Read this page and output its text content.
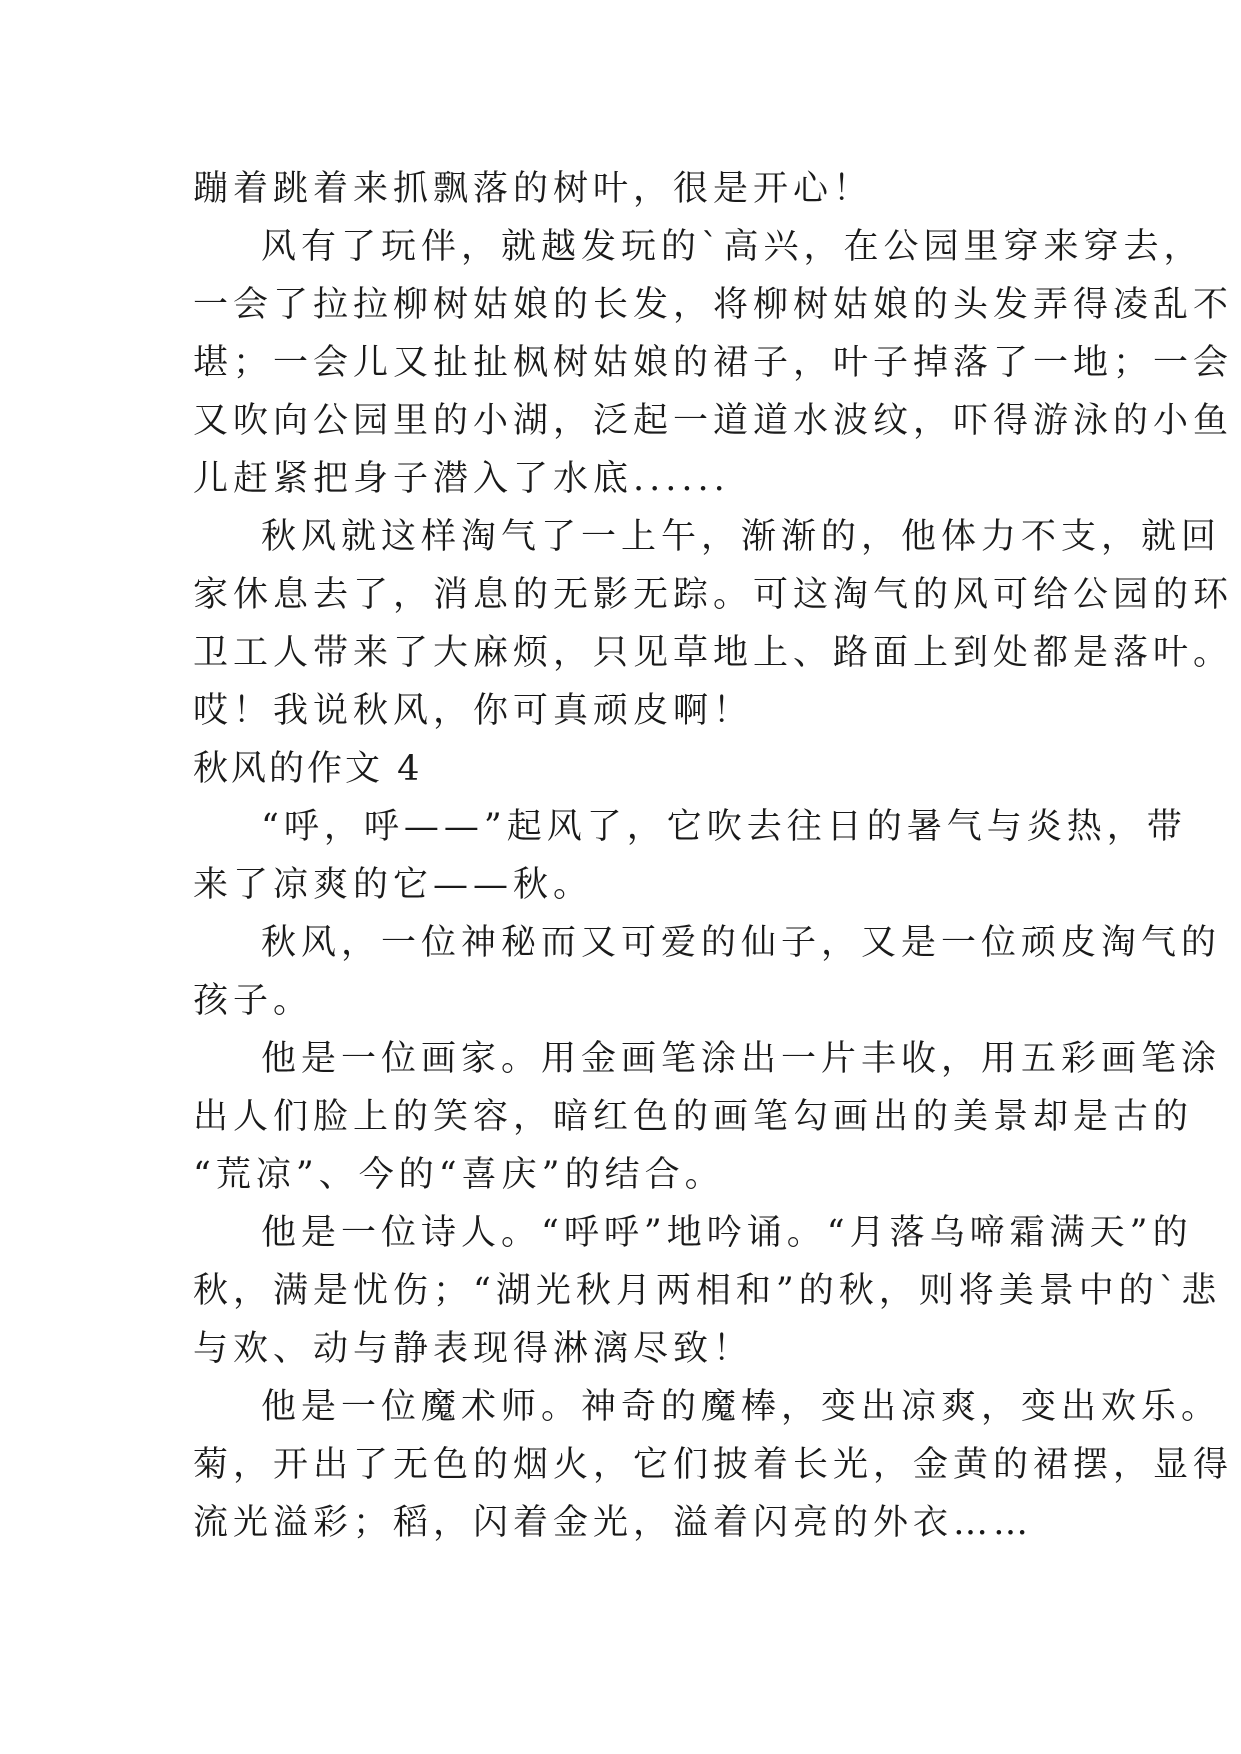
蹦着跳着来抓飘落的树叶，很是开心！
风有了玩伴，就越发玩的`高兴，在公园里穿来穿去，
一会了拉拉柳树姑娘的长发，将柳树姑娘的头发弄得凌乱不
堪；一会儿又扯扯枫树姑娘的裙子，叶子掉落了一地；一会
又吹向公园里的小湖，泛起一道道水波纹，吓得游泳的小鱼
儿赶紧把身子潜入了水底......
秋风就这样淘气了一上午，渐渐的，他体力不支，就回
家休息去了，消息的无影无踪。可这淘气的风可给公园的环
卫工人带来了大麻烦，只见草地上、路面上到处都是落叶。
哎！我说秋风，你可真顽皮啊！
秋风的作文 4
“呼，呼——”起风了，它吹去往日的暑气与炎热，带
来了凉爽的它——秋。
秋风，一位神秘而又可爱的仙子，又是一位顽皮淘气的
孩子。
他是一位画家。用金画笔涂出一片丰收，用五彩画笔涂
出人们脸上的笑容，暗红色的画笔勾画出的美景却是古的
“荒凉”、今的“喜庆”的结合。
他是一位诗人。“呼呼”地吟诵。“月落乌啼霜满天”的
秋，满是忧伤；“湖光秋月两相和”的秋，则将美景中的`悲
与欢、动与静表现得淋漓尽致！
他是一位魔术师。神奇的魔棒，变出凉爽，变出欢乐。
菊，开出了无色的烟火，它们披着长光，金黄的裙摆，显得
流光溢彩；稻，闪着金光，溢着闪亮的外衣……
